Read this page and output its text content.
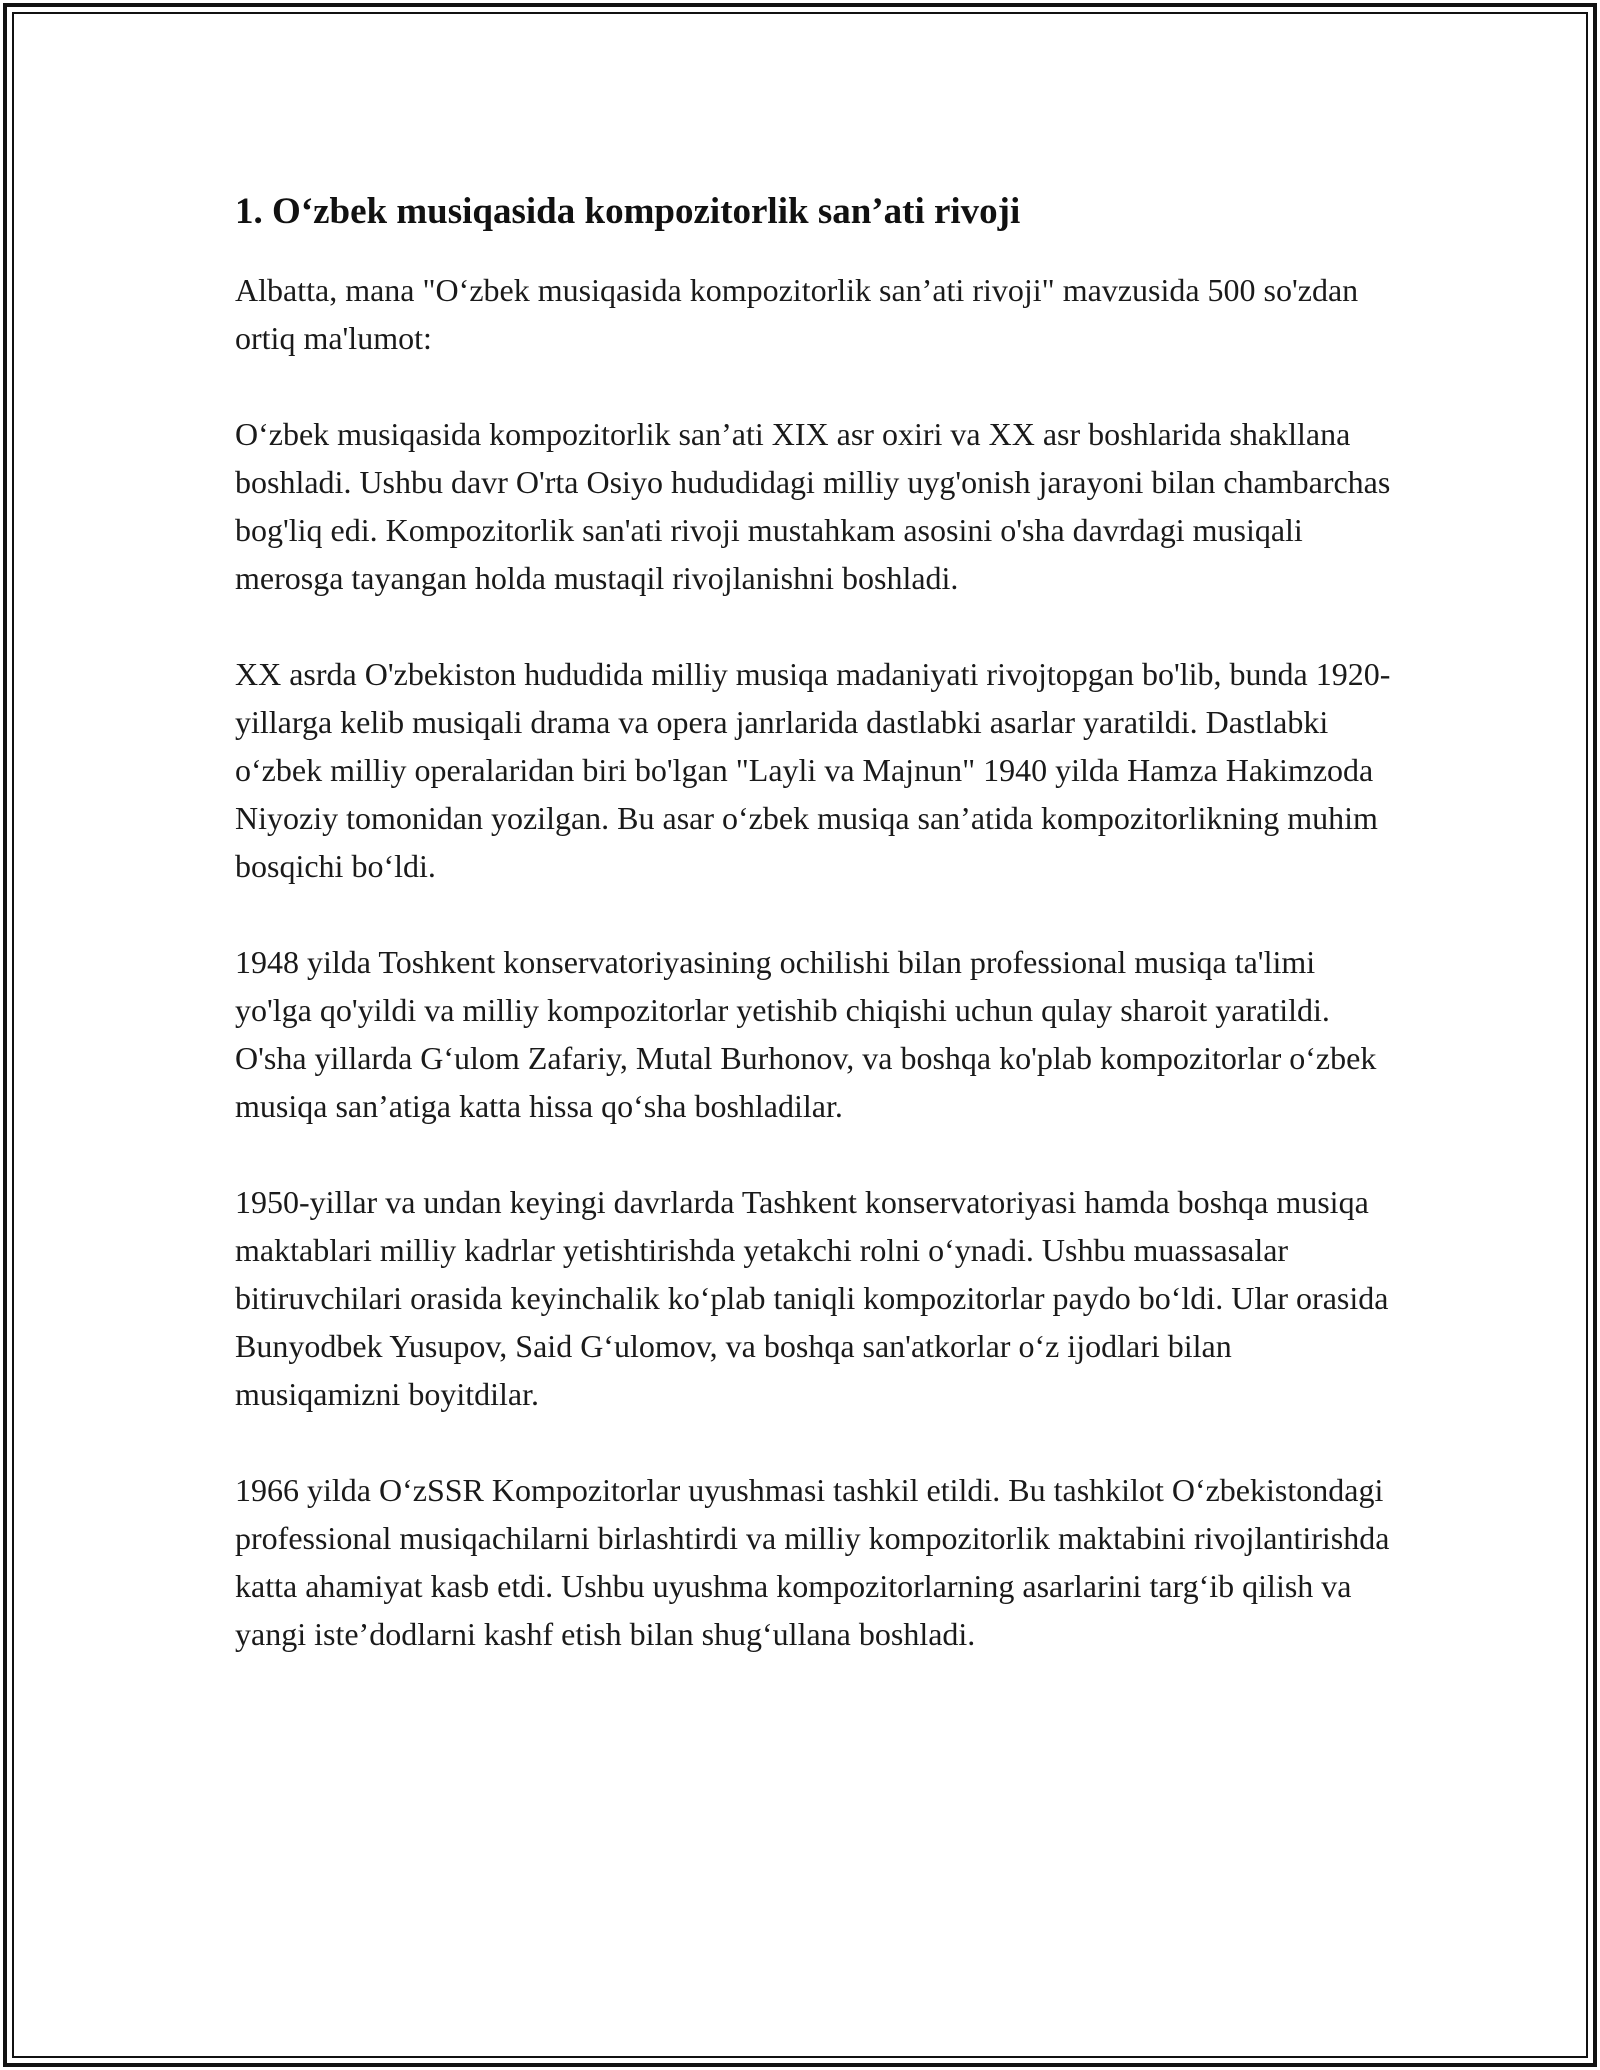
1. O‘zbek musiqasida kompozitorlik san’ati rivoji

Albatta, mana "O‘zbek musiqasida kompozitorlik san’ati rivoji" mavzusida 500 so'zdan ortiq ma'lumot:

O‘zbek musiqasida kompozitorlik san’ati XIX asr oxiri va XX asr boshlarida shakllana boshladi. Ushbu davr O'rta Osiyo hududidagi milliy uyg'onish jarayoni bilan chambarchas bog'liq edi. Kompozitorlik san'ati rivoji mustahkam asosini o'sha davrdagi musiqali merosga tayangan holda mustaqil rivojlanishni boshladi.

XX asrda O'zbekiston hududida milliy musiqa madaniyati rivojtopgan bo'lib, bunda 1920-yillarga kelib musiqali drama va opera janrlarida dastlabki asarlar yaratildi. Dastlabki o‘zbek milliy operalaridan biri bo'lgan "Layli va Majnun" 1940 yilda Hamza Hakimzoda Niyoziy tomonidan yozilgan. Bu asar o‘zbek musiqa san’atida kompozitorlikning muhim bosqichi bo‘ldi.

1948 yilda Toshkent konservatoriyasining ochilishi bilan professional musiqa ta'limi yo'lga qo'yildi va milliy kompozitorlar yetishib chiqishi uchun qulay sharoit yaratildi. O'sha yillarda G‘ulom Zafariy, Mutal Burhonov, va boshqa ko'plab kompozitorlar o‘zbek musiqa san’atiga katta hissa qo‘sha boshladilar.

1950-yillar va undan keyingi davrlarda Tashkent konservatoriyasi hamda boshqa musiqa maktablari milliy kadrlar yetishtirishda yetakchi rolni o‘ynadi. Ushbu muassasalar bitiruvchilari orasida keyinchalik ko‘plab taniqli kompozitorlar paydo bo‘ldi. Ular orasida Bunyodbek Yusupov, Said G‘ulomov, va boshqa san'atkorlar o‘z ijodlari bilan musiqamizni boyitdilar.

1966 yilda O‘zSSR Kompozitorlar uyushmasi tashkil etildi. Bu tashkilot O‘zbekistondagi professional musiqachilarni birlashtirdi va milliy kompozitorlik maktabini rivojlantirishda katta ahamiyat kasb etdi. Ushbu uyushma kompozitorlarning asarlarini targ‘ib qilish va yangi iste’dodlarni kashf etish bilan shug‘ullana boshladi.
